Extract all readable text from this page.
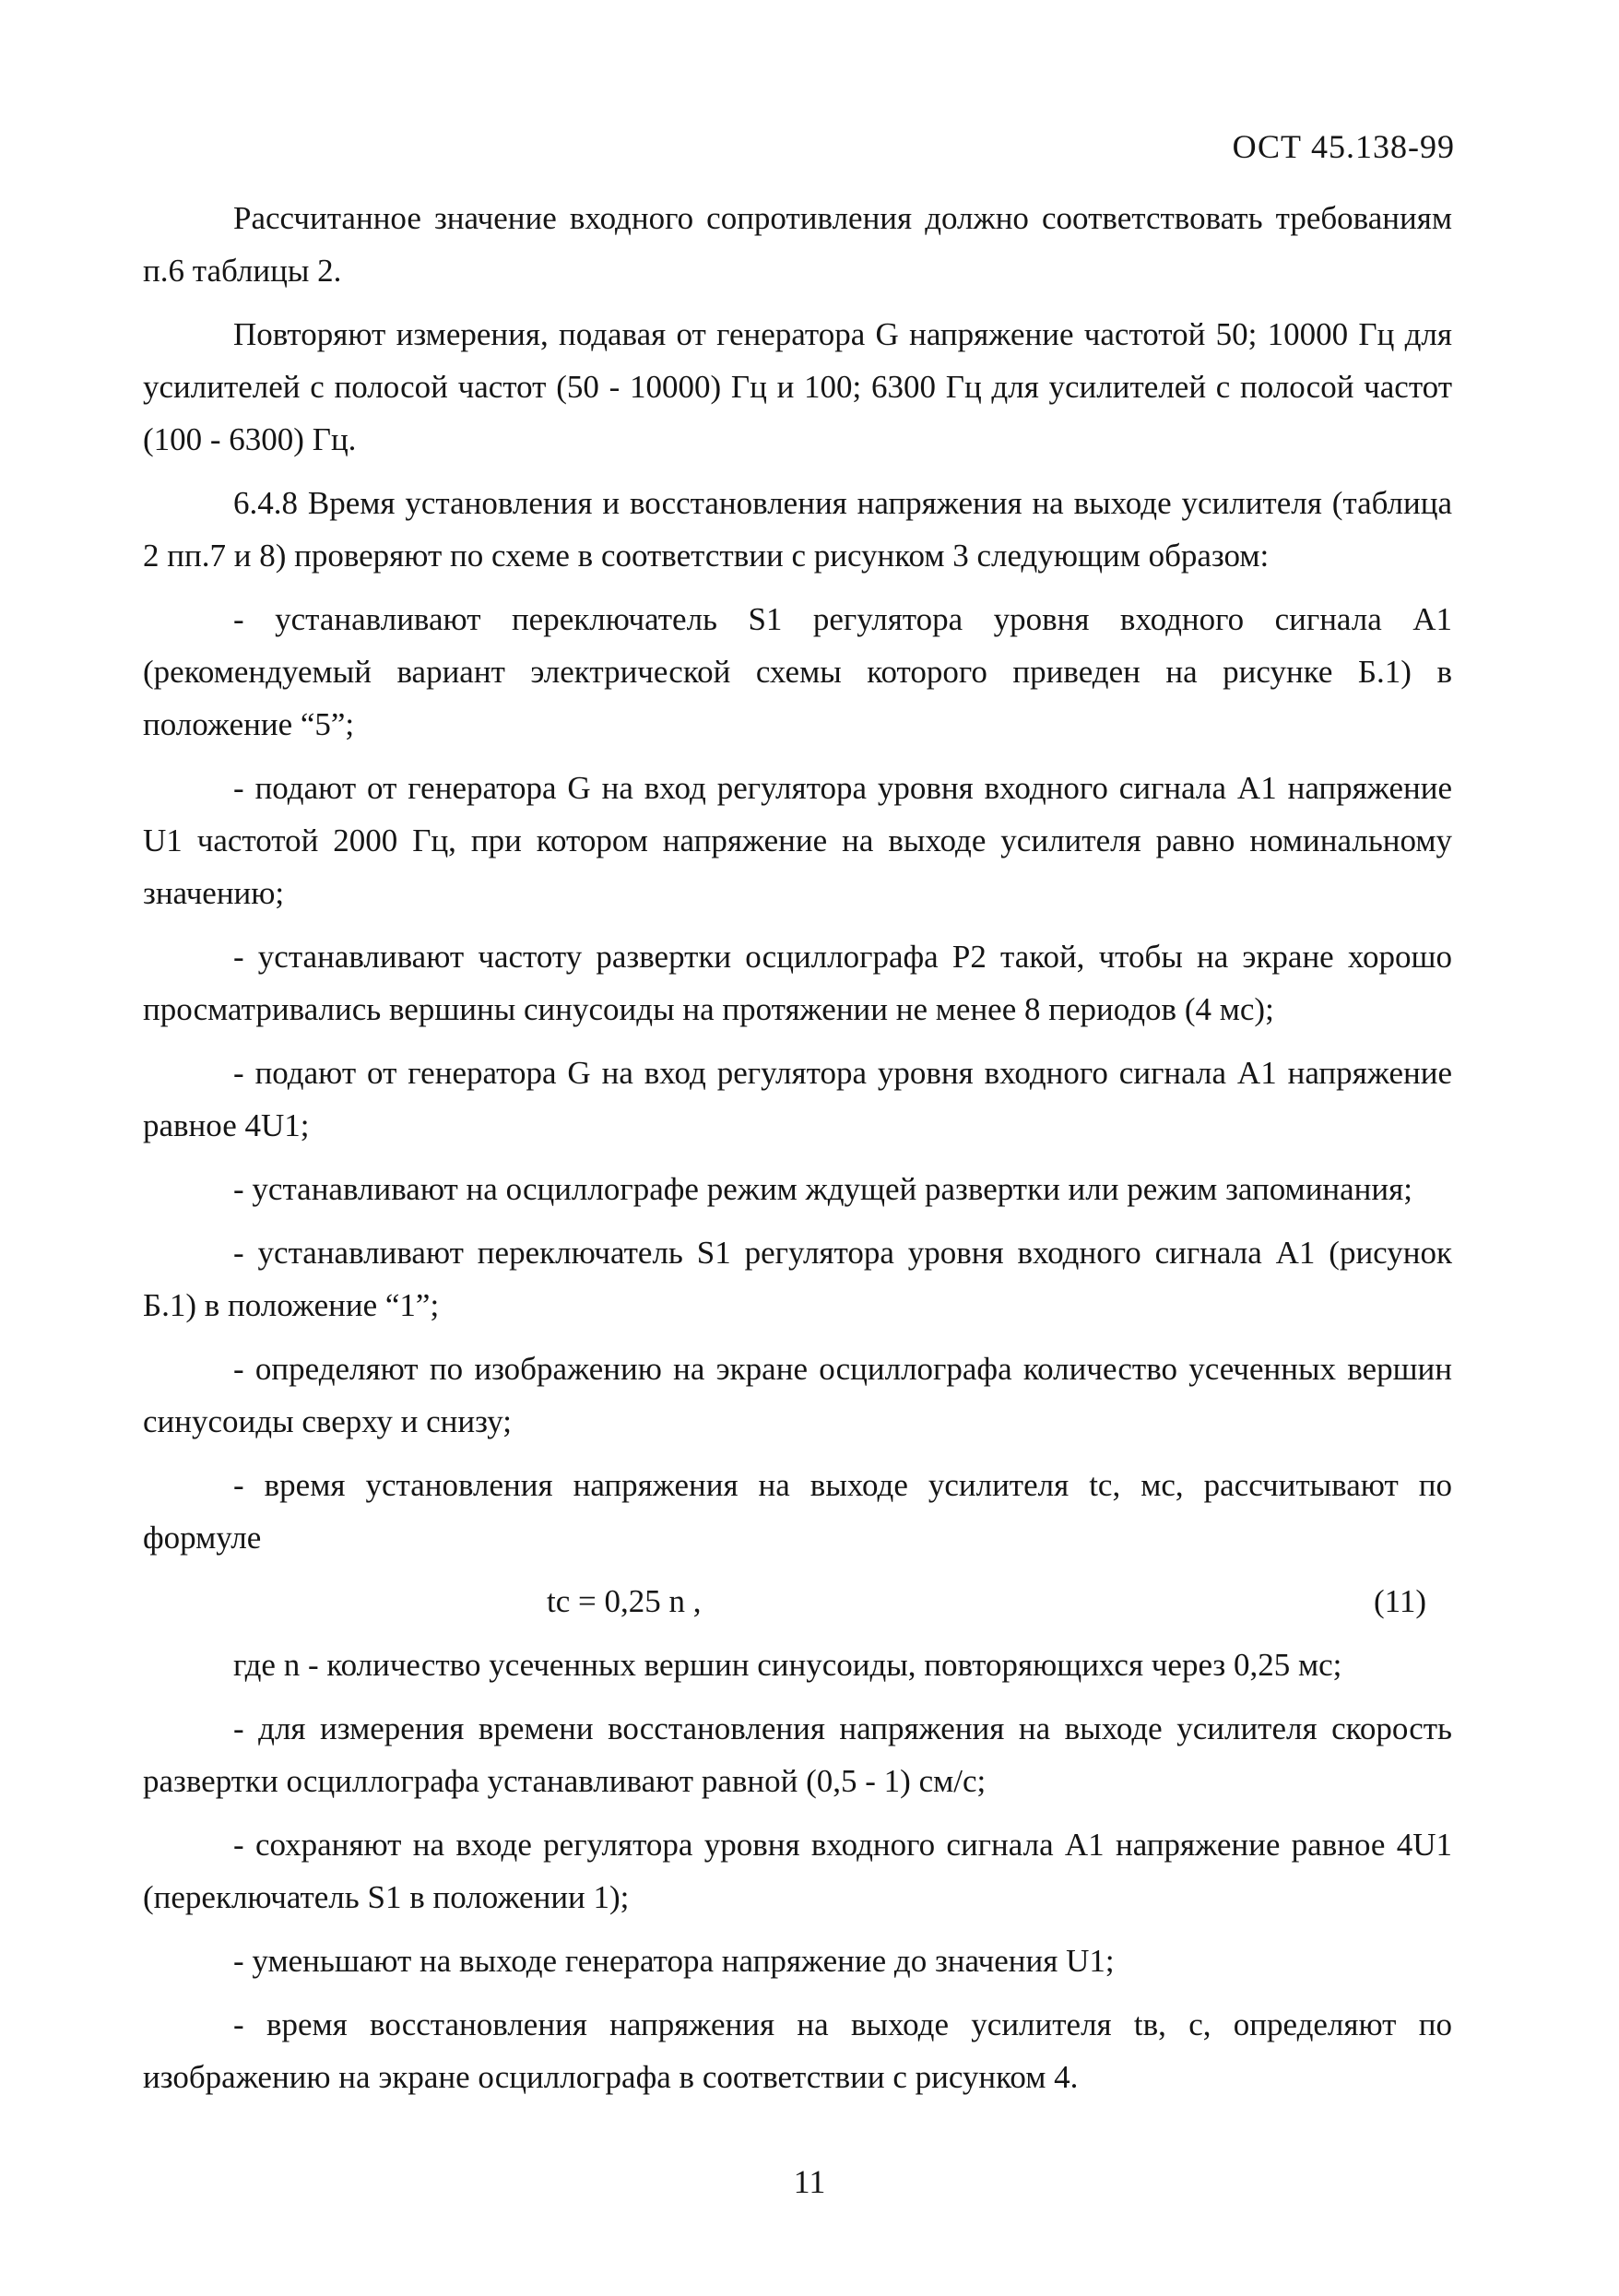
ОСТ 45.138-99

Рассчитанное значение входного сопротивления должно соответствовать требованиям п.6 таблицы 2.

Повторяют измерения, подавая от генератора G напряжение частотой 50; 10000 Гц для усилителей с полосой частот (50 - 10000) Гц и 100; 6300 Гц для усилителей с полосой частот (100 - 6300) Гц.

6.4.8 Время установления и восстановления напряжения на выходе усилителя (таблица 2 пп.7 и 8) проверяют по схеме в соответствии с рисунком 3 следующим образом:

- устанавливают переключатель S1 регулятора уровня входного сигнала А1 (рекомендуемый вариант электрической схемы которого приведен на рисунке Б.1) в положение “5”;

- подают от генератора G на вход регулятора уровня входного сигнала А1 напряжение U1 частотой 2000 Гц, при котором напряжение на выходе усилителя равно номинальному значению;

- устанавливают частоту развертки осциллографа Р2 такой, чтобы на экране хорошо просматривались вершины синусоиды на протяжении не менее 8 периодов (4 мс);

- подают от генератора G на вход регулятора уровня входного сигнала А1 напряжение равное 4U1;

- устанавливают на осциллографе режим ждущей развертки или режим запоминания;

- устанавливают переключатель S1 регулятора уровня входного сигнала А1 (рисунок Б.1) в положение “1”;

- определяют по изображению на экране осциллографа количество усеченных вершин синусоиды сверху и снизу;

- время установления напряжения на выходе усилителя tс, мс, рассчитывают по формуле

tс = 0,25 n ,	(11)

где n - количество усеченных вершин синусоиды, повторяющихся через 0,25 мс;

- для измерения времени восстановления напряжения на выходе усилителя скорость развертки осциллографа устанавливают равной (0,5 - 1) см/с;

- сохраняют на входе регулятора уровня входного сигнала А1 напряжение равное 4U1 (переключатель S1 в положении 1);

- уменьшают на выходе генератора напряжение до значения U1;

- время восстановления напряжения на выходе усилителя tв, с, определяют по изображению на экране осциллографа в соответствии с рисунком 4.

11
